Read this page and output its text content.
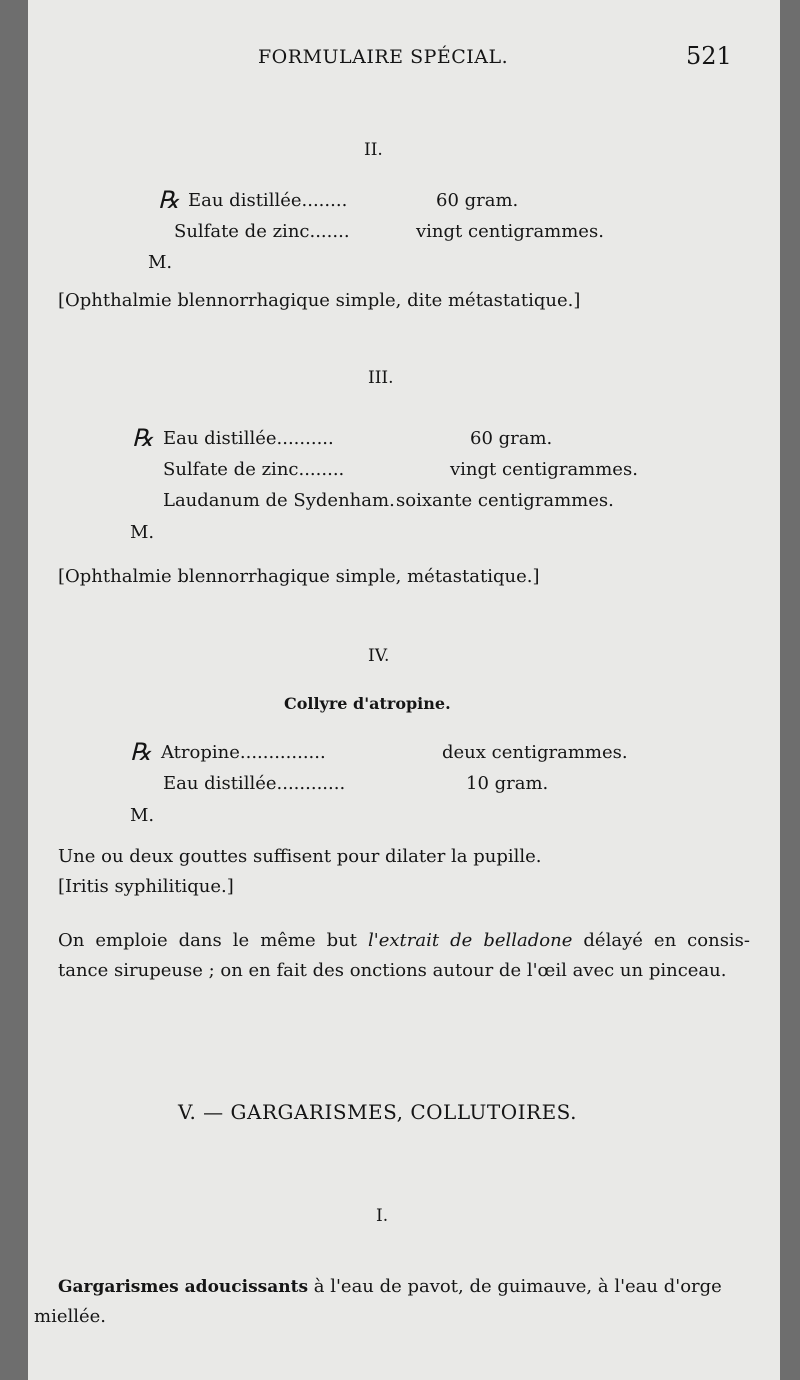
FORMULAIRE SPÉCIAL.	521
II.
℞ Eau distillée........	60 gram.
Sulfate de zinc.......	vingt centigrammes.
M.
[Ophthalmie blennorrhagique simple, dite métastatique.]
III.
℞ Eau distillée..........	60 gram.
Sulfate de zinc........	vingt centigrammes.
Laudanum de Sydenham. soixante centigrammes.
M.
[Ophthalmie blennorrhagique simple, métastatique.]
IV.
Collyre d'atropine.
℞ Atropine...............	deux centigrammes.
Eau distillée............	10 gram.
M.
Une ou deux gouttes suffisent pour dilater la pupille.
[Iritis syphilitique.]
On emploie dans le même but l'extrait de belladone délayé en consis-
tance sirupeuse ; on en fait des onctions autour de l'œil avec un pinceau.
V. — GARGARISMES, COLLUTOIRES.
I.
Gargarismes adoucissants à l'eau de pavot, de guimauve, à l'eau d'orge
miellée.
